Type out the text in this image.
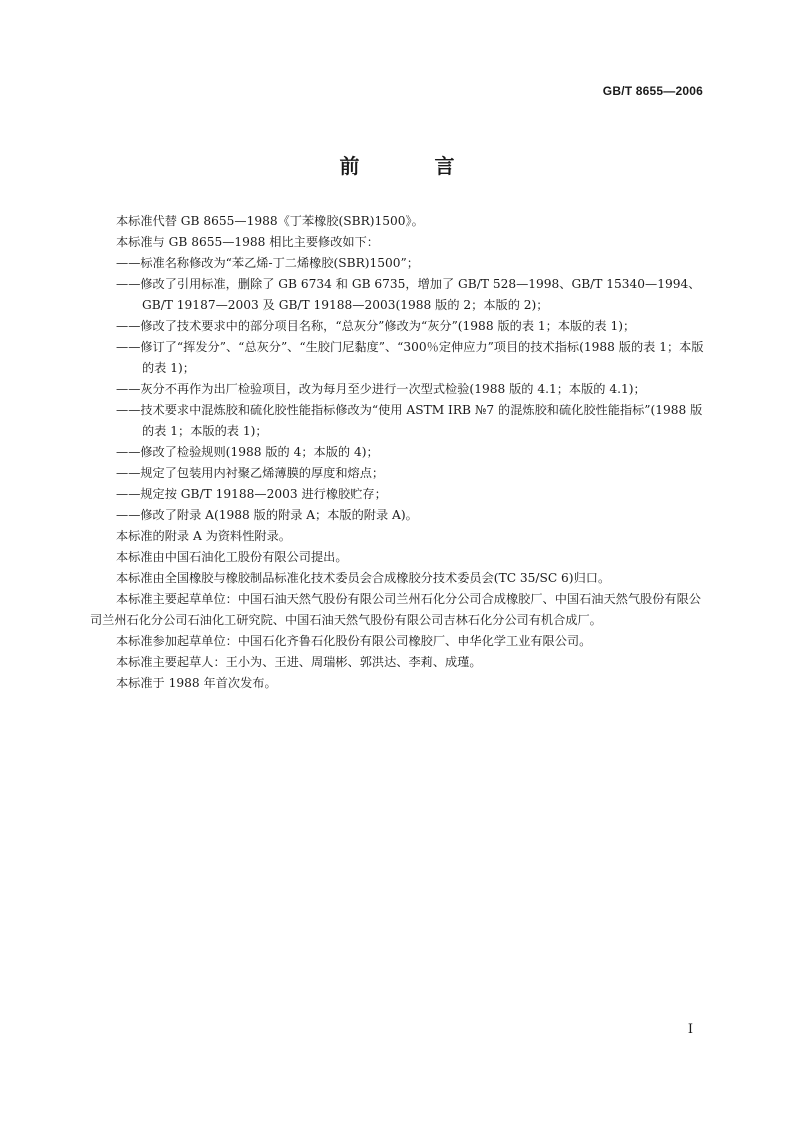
GB/T 8655—2006
前 言

本标准代替 GB 8655—1988《丁苯橡胶(SBR)1500》。

本标准与 GB 8655—1988 相比主要修改如下：

——标准名称修改为“苯乙烯-丁二烯橡胶(SBR)1500”；

——修改了引用标准，删除了 GB 6734 和 GB 6735，增加了 GB/T 528—1998、GB/T 15340—1994、GB/T 19187—2003 及 GB/T 19188—2003(1988 版的 2；本版的 2)；

——修改了技术要求中的部分项目名称，“总灰分”修改为“灰分”(1988 版的表 1；本版的表 1)；

——修订了“挥发分”、“总灰分”、“生胶门尼黏度”、“300％定伸应力”项目的技术指标(1988 版的表 1；本版的表 1)；

——灰分不再作为出厂检验项目，改为每月至少进行一次型式检验(1988 版的 4.1；本版的 4.1)；

——技术要求中混炼胶和硫化胶性能指标修改为“使用 ASTM IRB №7 的混炼胶和硫化胶性能指标”(1988 版的表 1；本版的表 1)；

——修改了检验规则(1988 版的 4；本版的 4)；

——规定了包装用内衬聚乙烯薄膜的厚度和熔点；

——规定按 GB/T 19188—2003 进行橡胶贮存；

——修改了附录 A(1988 版的附录 A；本版的附录 A)。

本标准的附录 A 为资料性附录。

本标准由中国石油化工股份有限公司提出。

本标准由全国橡胶与橡胶制品标准化技术委员会合成橡胶分技术委员会(TC 35/SC 6)归口。

本标准主要起草单位：中国石油天然气股份有限公司兰州石化分公司合成橡胶厂、中国石油天然气股份有限公司兰州石化分公司石油化工研究院、中国石油天然气股份有限公司吉林石化分公司有机合成厂。

本标准参加起草单位：中国石化齐鲁石化股份有限公司橡胶厂、申华化学工业有限公司。

本标准主要起草人：王小为、王进、周瑞彬、郭洪达、李莉、成瑾。

本标准于 1988 年首次发布。

I
